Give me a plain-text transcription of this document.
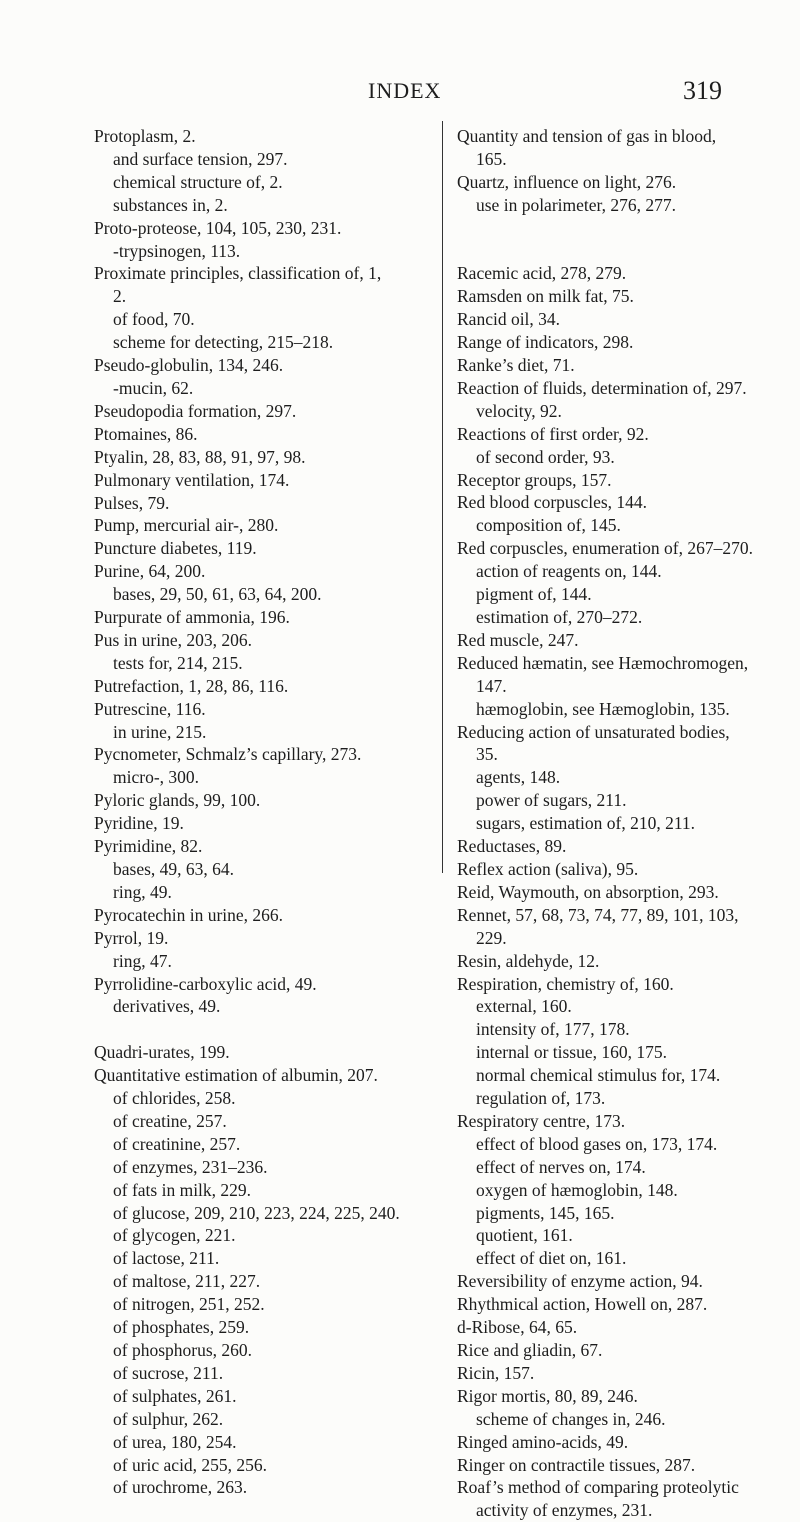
INDEX	319
Protoplasm, 2.
and surface tension, 297.
chemical structure of, 2.
substances in, 2.
Proto-proteose, 104, 105, 230, 231.
-trypsinogen, 113.
Proximate principles, classification of, 1,
2.
of food, 70.
scheme for detecting, 215–218.
Pseudo-globulin, 134, 246.
-mucin, 62.
Pseudopodia formation, 297.
Ptomaines, 86.
Ptyalin, 28, 83, 88, 91, 97, 98.
Pulmonary ventilation, 174.
Pulses, 79.
Pump, mercurial air-, 280.
Puncture diabetes, 119.
Purine, 64, 200.
bases, 29, 50, 61, 63, 64, 200.
Purpurate of ammonia, 196.
Pus in urine, 203, 206.
tests for, 214, 215.
Putrefaction, 1, 28, 86, 116.
Putrescine, 116.
in urine, 215.
Pycnometer, Schmalz’s capillary, 273.
micro-, 300.
Pyloric glands, 99, 100.
Pyridine, 19.
Pyrimidine, 82.
bases, 49, 63, 64.
ring, 49.
Pyrocatechin in urine, 266.
Pyrrol, 19.
ring, 47.
Pyrrolidine-carboxylic acid, 49.
derivatives, 49.
Quadri-urates, 199.
Quantitative estimation of albumin, 207.
of chlorides, 258.
of creatine, 257.
of creatinine, 257.
of enzymes, 231–236.
of fats in milk, 229.
of glucose, 209, 210, 223, 224, 225, 240.
of glycogen, 221.
of lactose, 211.
of maltose, 211, 227.
of nitrogen, 251, 252.
of phosphates, 259.
of phosphorus, 260.
of sucrose, 211.
of sulphates, 261.
of sulphur, 262.
of urea, 180, 254.
of uric acid, 255, 256.
of urochrome, 263.
Quantity and tension of gas in blood,
165.
Quartz, influence on light, 276.
use in polarimeter, 276, 277.
Racemic acid, 278, 279.
Ramsden on milk fat, 75.
Rancid oil, 34.
Range of indicators, 298.
Ranke’s diet, 71.
Reaction of fluids, determination of, 297.
velocity, 92.
Reactions of first order, 92.
of second order, 93.
Receptor groups, 157.
Red blood corpuscles, 144.
composition of, 145.
Red corpuscles, enumeration of, 267–270.
action of reagents on, 144.
pigment of, 144.
estimation of, 270–272.
Red muscle, 247.
Reduced hæmatin, see Hæmochromogen,
147.
hæmoglobin, see Hæmoglobin, 135.
Reducing action of unsaturated bodies,
35.
agents, 148.
power of sugars, 211.
sugars, estimation of, 210, 211.
Reductases, 89.
Reflex action (saliva), 95.
Reid, Waymouth, on absorption, 293.
Rennet, 57, 68, 73, 74, 77, 89, 101, 103,
229.
Resin, aldehyde, 12.
Respiration, chemistry of, 160.
external, 160.
intensity of, 177, 178.
internal or tissue, 160, 175.
normal chemical stimulus for, 174.
regulation of, 173.
Respiratory centre, 173.
effect of blood gases on, 173, 174.
effect of nerves on, 174.
oxygen of hæmoglobin, 148.
pigments, 145, 165.
quotient, 161.
effect of diet on, 161.
Reversibility of enzyme action, 94.
Rhythmical action, Howell on, 287.
d-Ribose, 64, 65.
Rice and gliadin, 67.
Ricin, 157.
Rigor mortis, 80, 89, 246.
scheme of changes in, 246.
Ringed amino-acids, 49.
Ringer on contractile tissues, 287.
Roaf’s method of comparing proteolytic
activity of enzymes, 231.
